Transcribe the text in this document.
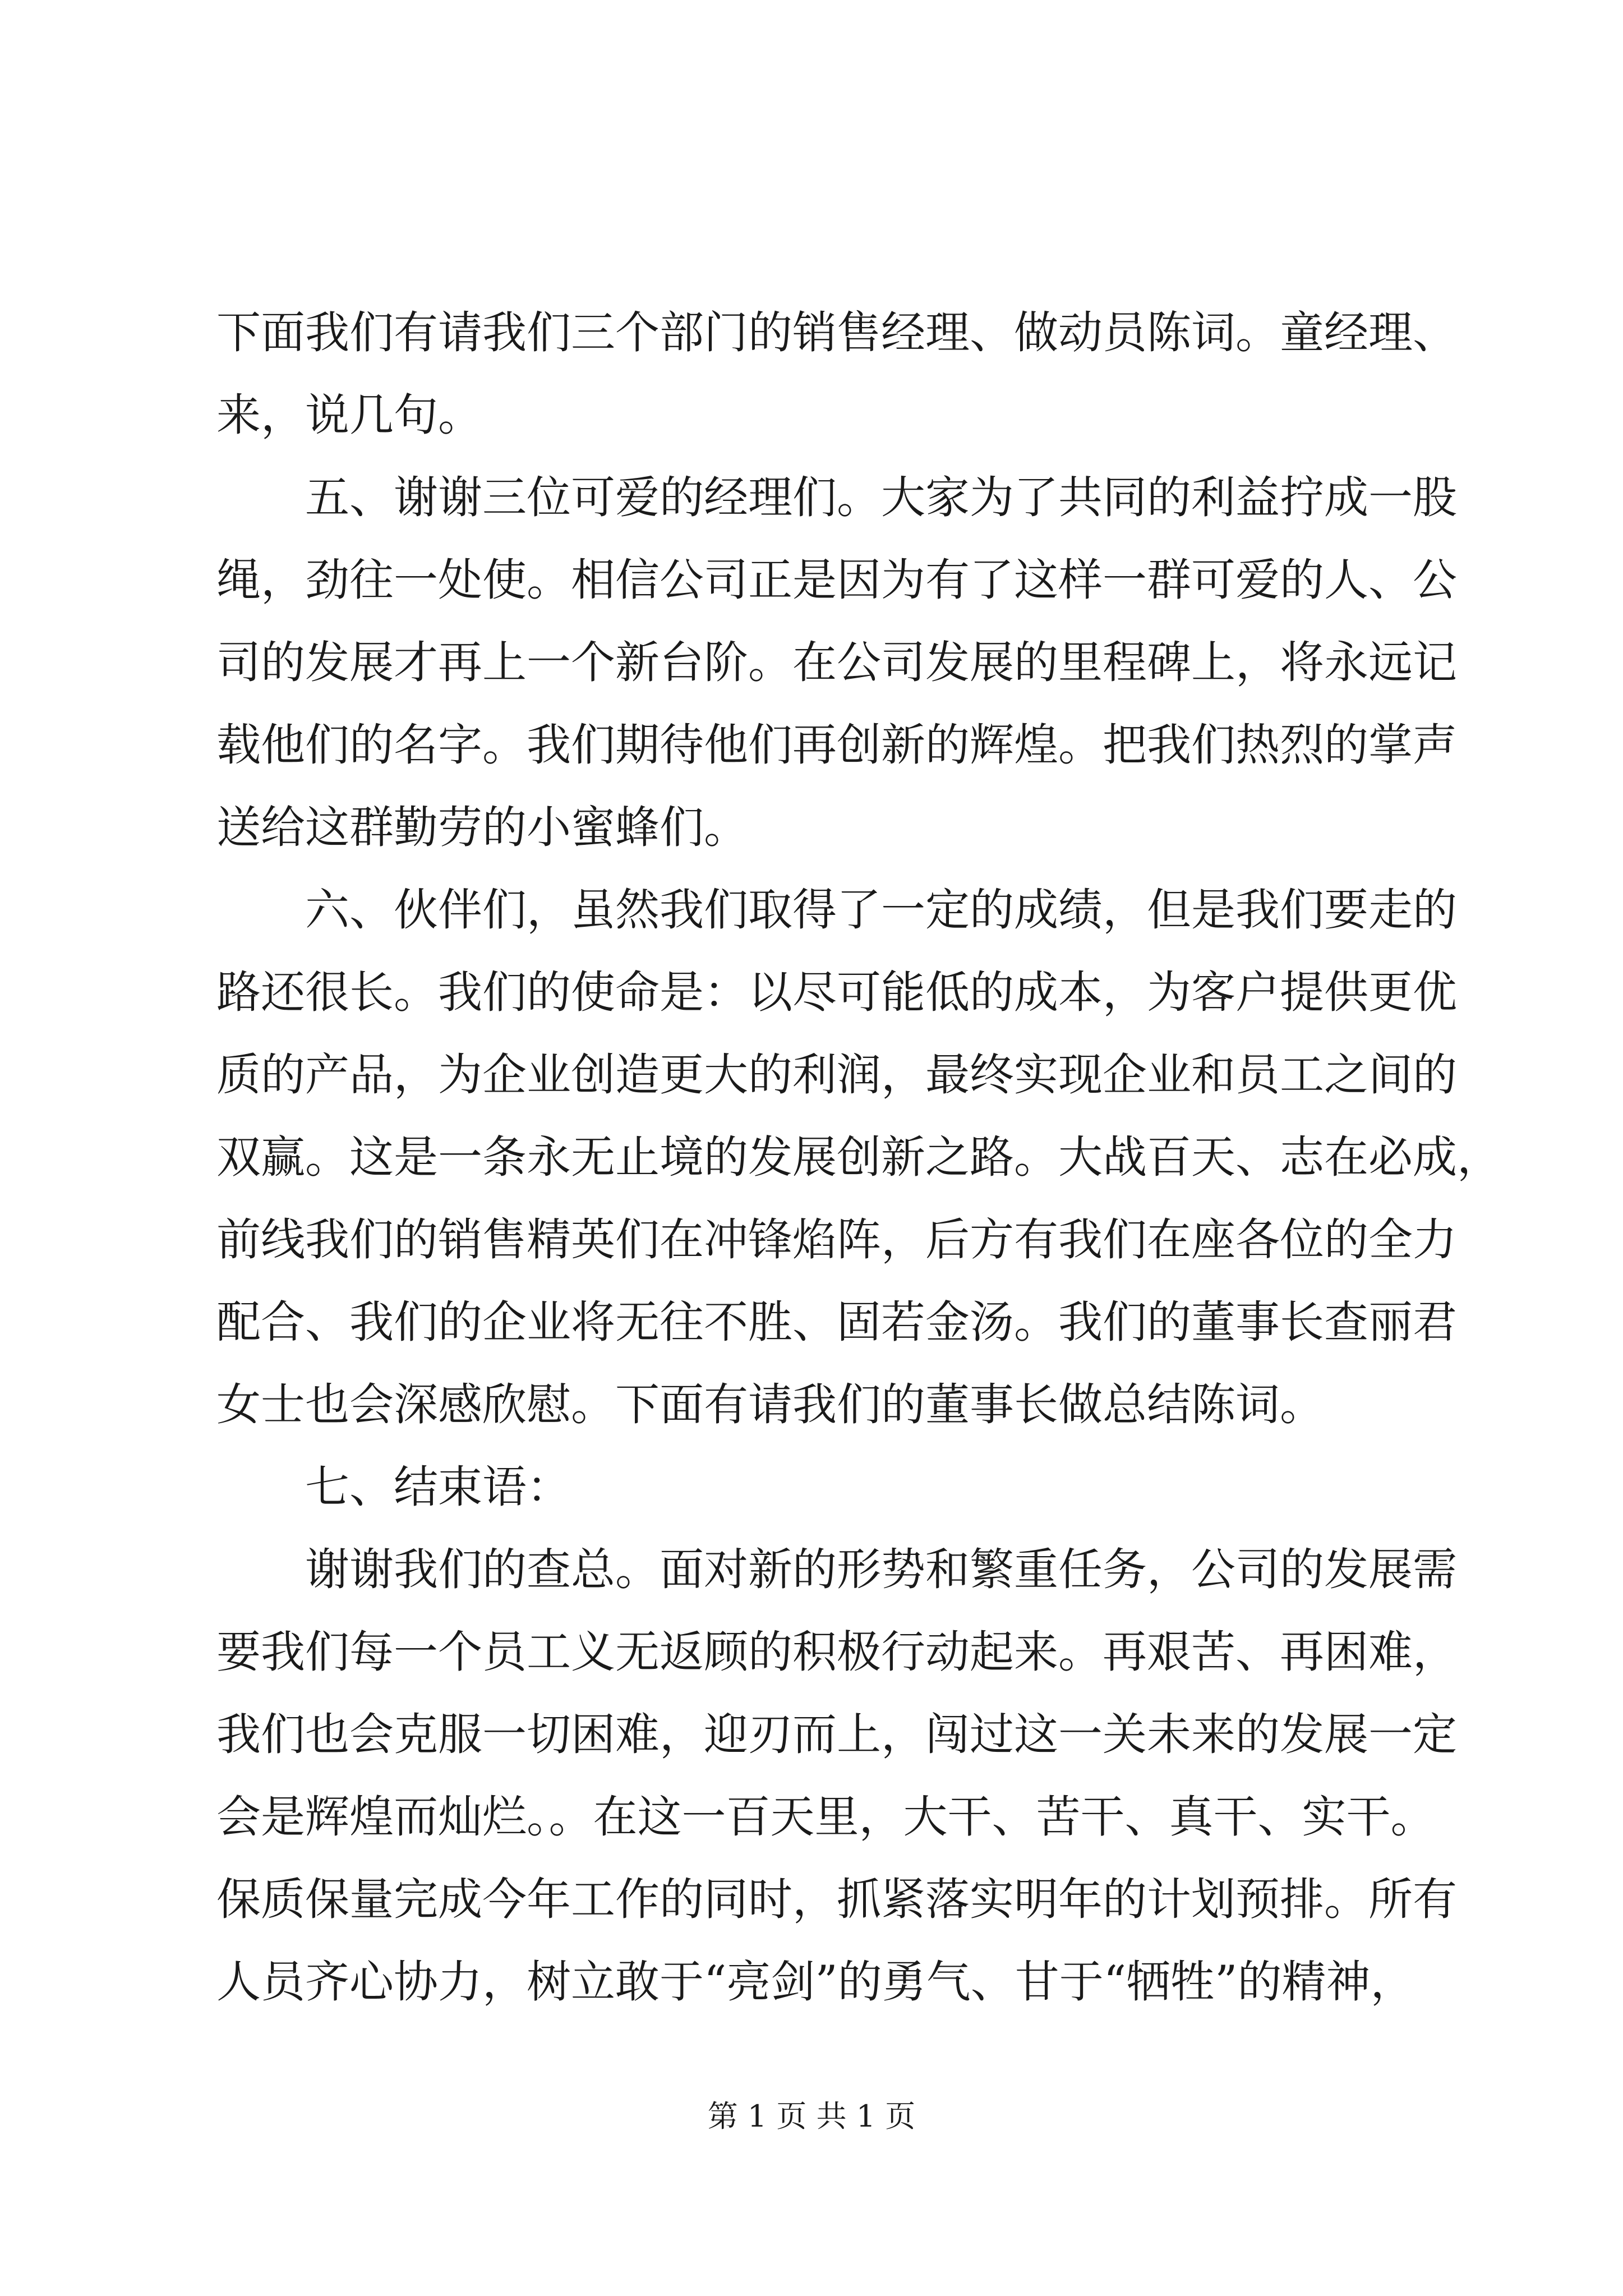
下面我们有请我们三个部门的销售经理、做动员陈词。童经理、

来，说几句。

五、谢谢三位可爱的经理们。大家为了共同的利益拧成一股

绳，劲往一处使。相信公司正是因为有了这样一群可爱的人、公

司的发展才再上一个新台阶。在公司发展的里程碑上，将永远记

载他们的名字。我们期待他们再创新的辉煌。把我们热烈的掌声

送给这群勤劳的小蜜蜂们。

六、伙伴们，虽然我们取得了一定的成绩，但是我们要走的

路还很长。我们的使命是：以尽可能低的成本，为客户提供更优

质的产品，为企业创造更大的利润，最终实现企业和员工之间的

双赢。这是一条永无止境的发展创新之路。大战百天、志在必成，

前线我们的销售精英们在冲锋焰阵，后方有我们在座各位的全力

配合、我们的企业将无往不胜、固若金汤。我们的董事长查丽君

女士也会深感欣慰。下面有请我们的董事长做总结陈词。

七、结束语：

谢谢我们的查总。面对新的形势和繁重任务，公司的发展需

要我们每一个员工义无返顾的积极行动起来。再艰苦、再困难，

我们也会克服一切困难，迎刃而上，闯过这一关未来的发展一定

会是辉煌而灿烂。。在这一百天里，大干、苦干、真干、实干。

保质保量完成今年工作的同时，抓紧落实明年的计划预排。所有

人员齐心协力，树立敢于“亮剑”的勇气、甘于“牺牲”的精神，

第 1 页 共 1 页
